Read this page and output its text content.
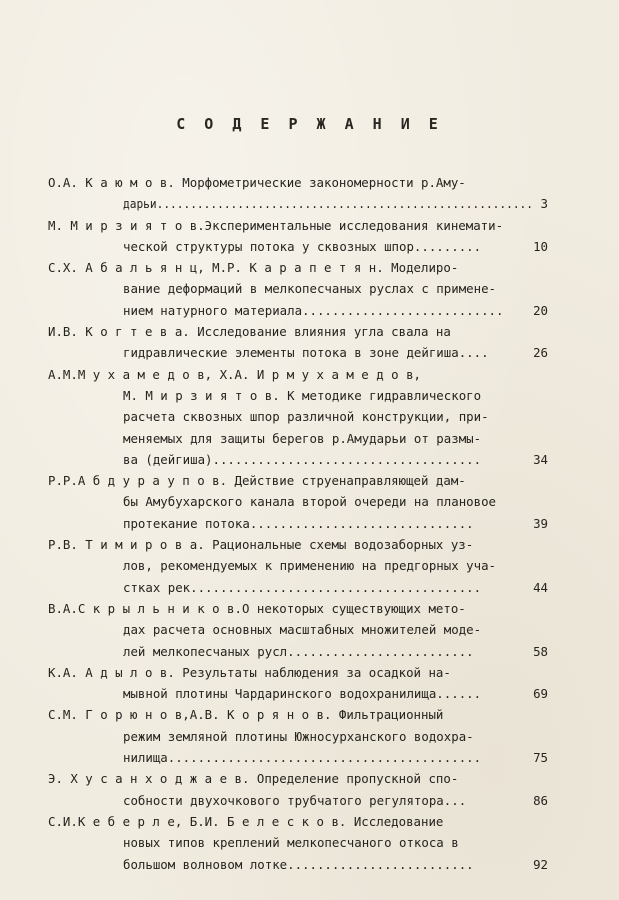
С О Д Е Р Ж А Н И Е
О.А. К а ю м о в. Морфометрические закономерности р.Аму-
дарьи........................................................ 3
М. М и р з и я т о в.Экспериментальные исследования кинемати-
ческой структуры потока у сквозных шпор.........	10
С.Х. А б а л ь я н ц, М.Р. К а р а п е т я н. Моделиро-
вание деформаций в мелкопесчаных руслах с примене-
нием натурного материала........................... 20
И.В. К о г т е в а. Исследование влияния угла свала на
гидравлические элементы потока в зоне дейгиша....	26
А.М.М у х а м е д о в, Х.А. И р м у х а м е д о в,
М. М и р з и я т о в. К методике гидравлического
расчета сквозных шпор различной конструкции, при-
меняемых для защиты берегов р.Амударьи от размы-
ва (дейгиша)....................................	34
Р.Р.А б д у р а у п о в. Действие струенаправляющей дам-
бы Амубухарского канала второй очереди на плановое
протекание потока..............................	39
Р.В. Т и м и р о в а. Рациональные схемы водозаборных уз-
лов, рекомендуемых к применению на предгорных уча-
стках рек.......................................	44
В.А.С к р ы л ь н и к о в.О некоторых существующих мето-
дах расчета основных масштабных множителей моде-
лей мелкопесчаных русл.........................	58
К.А. А д ы л о в. Результаты наблюдения за осадкой на-
мывной плотины Чардаринского водохранилища......	69
С.М. Г о р ю н о в,А.В. К о р я н о в. Фильтрационный
режим земляной плотины Южносурханского водохра-
нилища..........................................	75
Э. Х у с а н х о д ж а е в. Определение пропускной спо-
собности двухочкового трубчатого регулятора...	86
С.И.К е б е р л е, Б.И. Б е л е с к о в. Исследование
новых типов креплений мелкопесчаного откоса в
большом волновом лотке.........................	92
